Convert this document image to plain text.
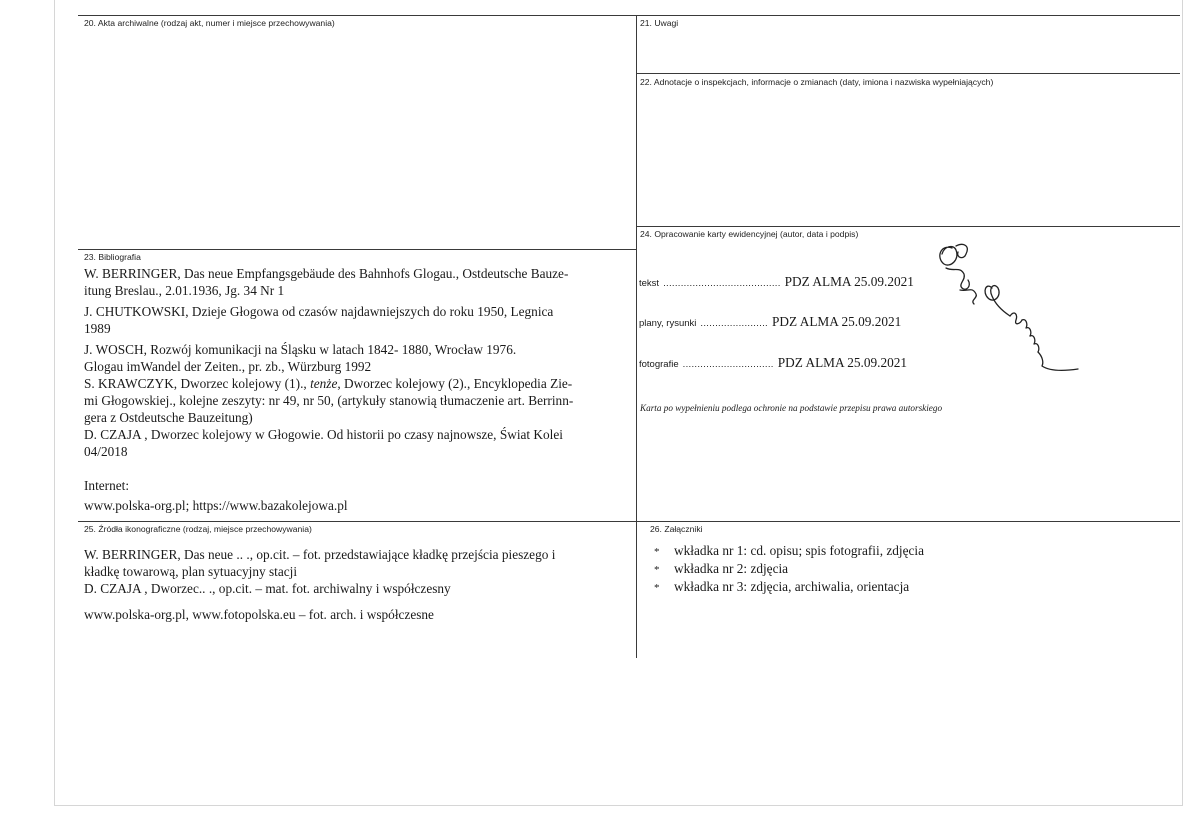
20. Akta archiwalne (rodzaj akt, numer i miejsce przechowywania)	21. Uwagi
22. Adnotacje o inspekcjach, informacje o zmianach (daty, imiona i nazwiska wypełniających)
23. Bibliografia
24. Opracowanie karty ewidencyjnej (autor, data i podpis)
25. Źródła ikonograficzne (rodzaj, miejsce przechowywania)	26. Załączniki

W. BERRINGER, Das neue Empfangsgebäude des Bahnhofs Glogau., Ostdeutsche Bauze-

itung Breslau., 2.01.1936, Jg. 34 Nr 1

J. CHUTKOWSKI, Dzieje Głogowa od czasów najdawniejszych do roku 1950, Legnica

1989

J. WOSCH, Rozwój komunikacji na Śląsku w latach 1842- 1880, Wrocław 1976.

Glogau imWandel der Zeiten., pr. zb., Würzburg 1992

S. KRAWCZYK, Dworzec kolejowy (1)., tenże, Dworzec kolejowy (2)., Encyklopedia Zie-

mi Głogowskiej., kolejne zeszyty: nr 49, nr 50, (artykuły stanowią tłumaczenie art. Berrinn-

gera z Ostdeutsche Bauzeitung)

D. CZAJA , Dworzec kolejowy w Głogowie. Od historii po czasy najnowsze, Świat Kolei

04/2018

Internet:

www.polska-org.pl; https://www.bazakolejowa.pl

tekst ........................................ PDZ ALMA 25.09.2021
plany, rysunki ....................... PDZ ALMA 25.09.2021
fotografie ............................... PDZ ALMA 25.09.2021
Karta po wypełnieniu podlega ochronie na podstawie przepisu prawa autorskiego

W. BERRINGER, Das neue .. ., op.cit. – fot. przedstawiające kładkę przejścia pieszego i

kładkę towarową, plan sytuacyjny stacji

D. CZAJA , Dworzec.. ., op.cit. – mat. fot. archiwalny i współczesny

www.polska-org.pl, www.fotopolska.eu – fot. arch. i współczesne

* wkładka nr 1: cd. opisu; spis fotografii, zdjęcia
* wkładka nr 2: zdjęcia
* wkładka nr 3: zdjęcia, archiwalia, orientacja
